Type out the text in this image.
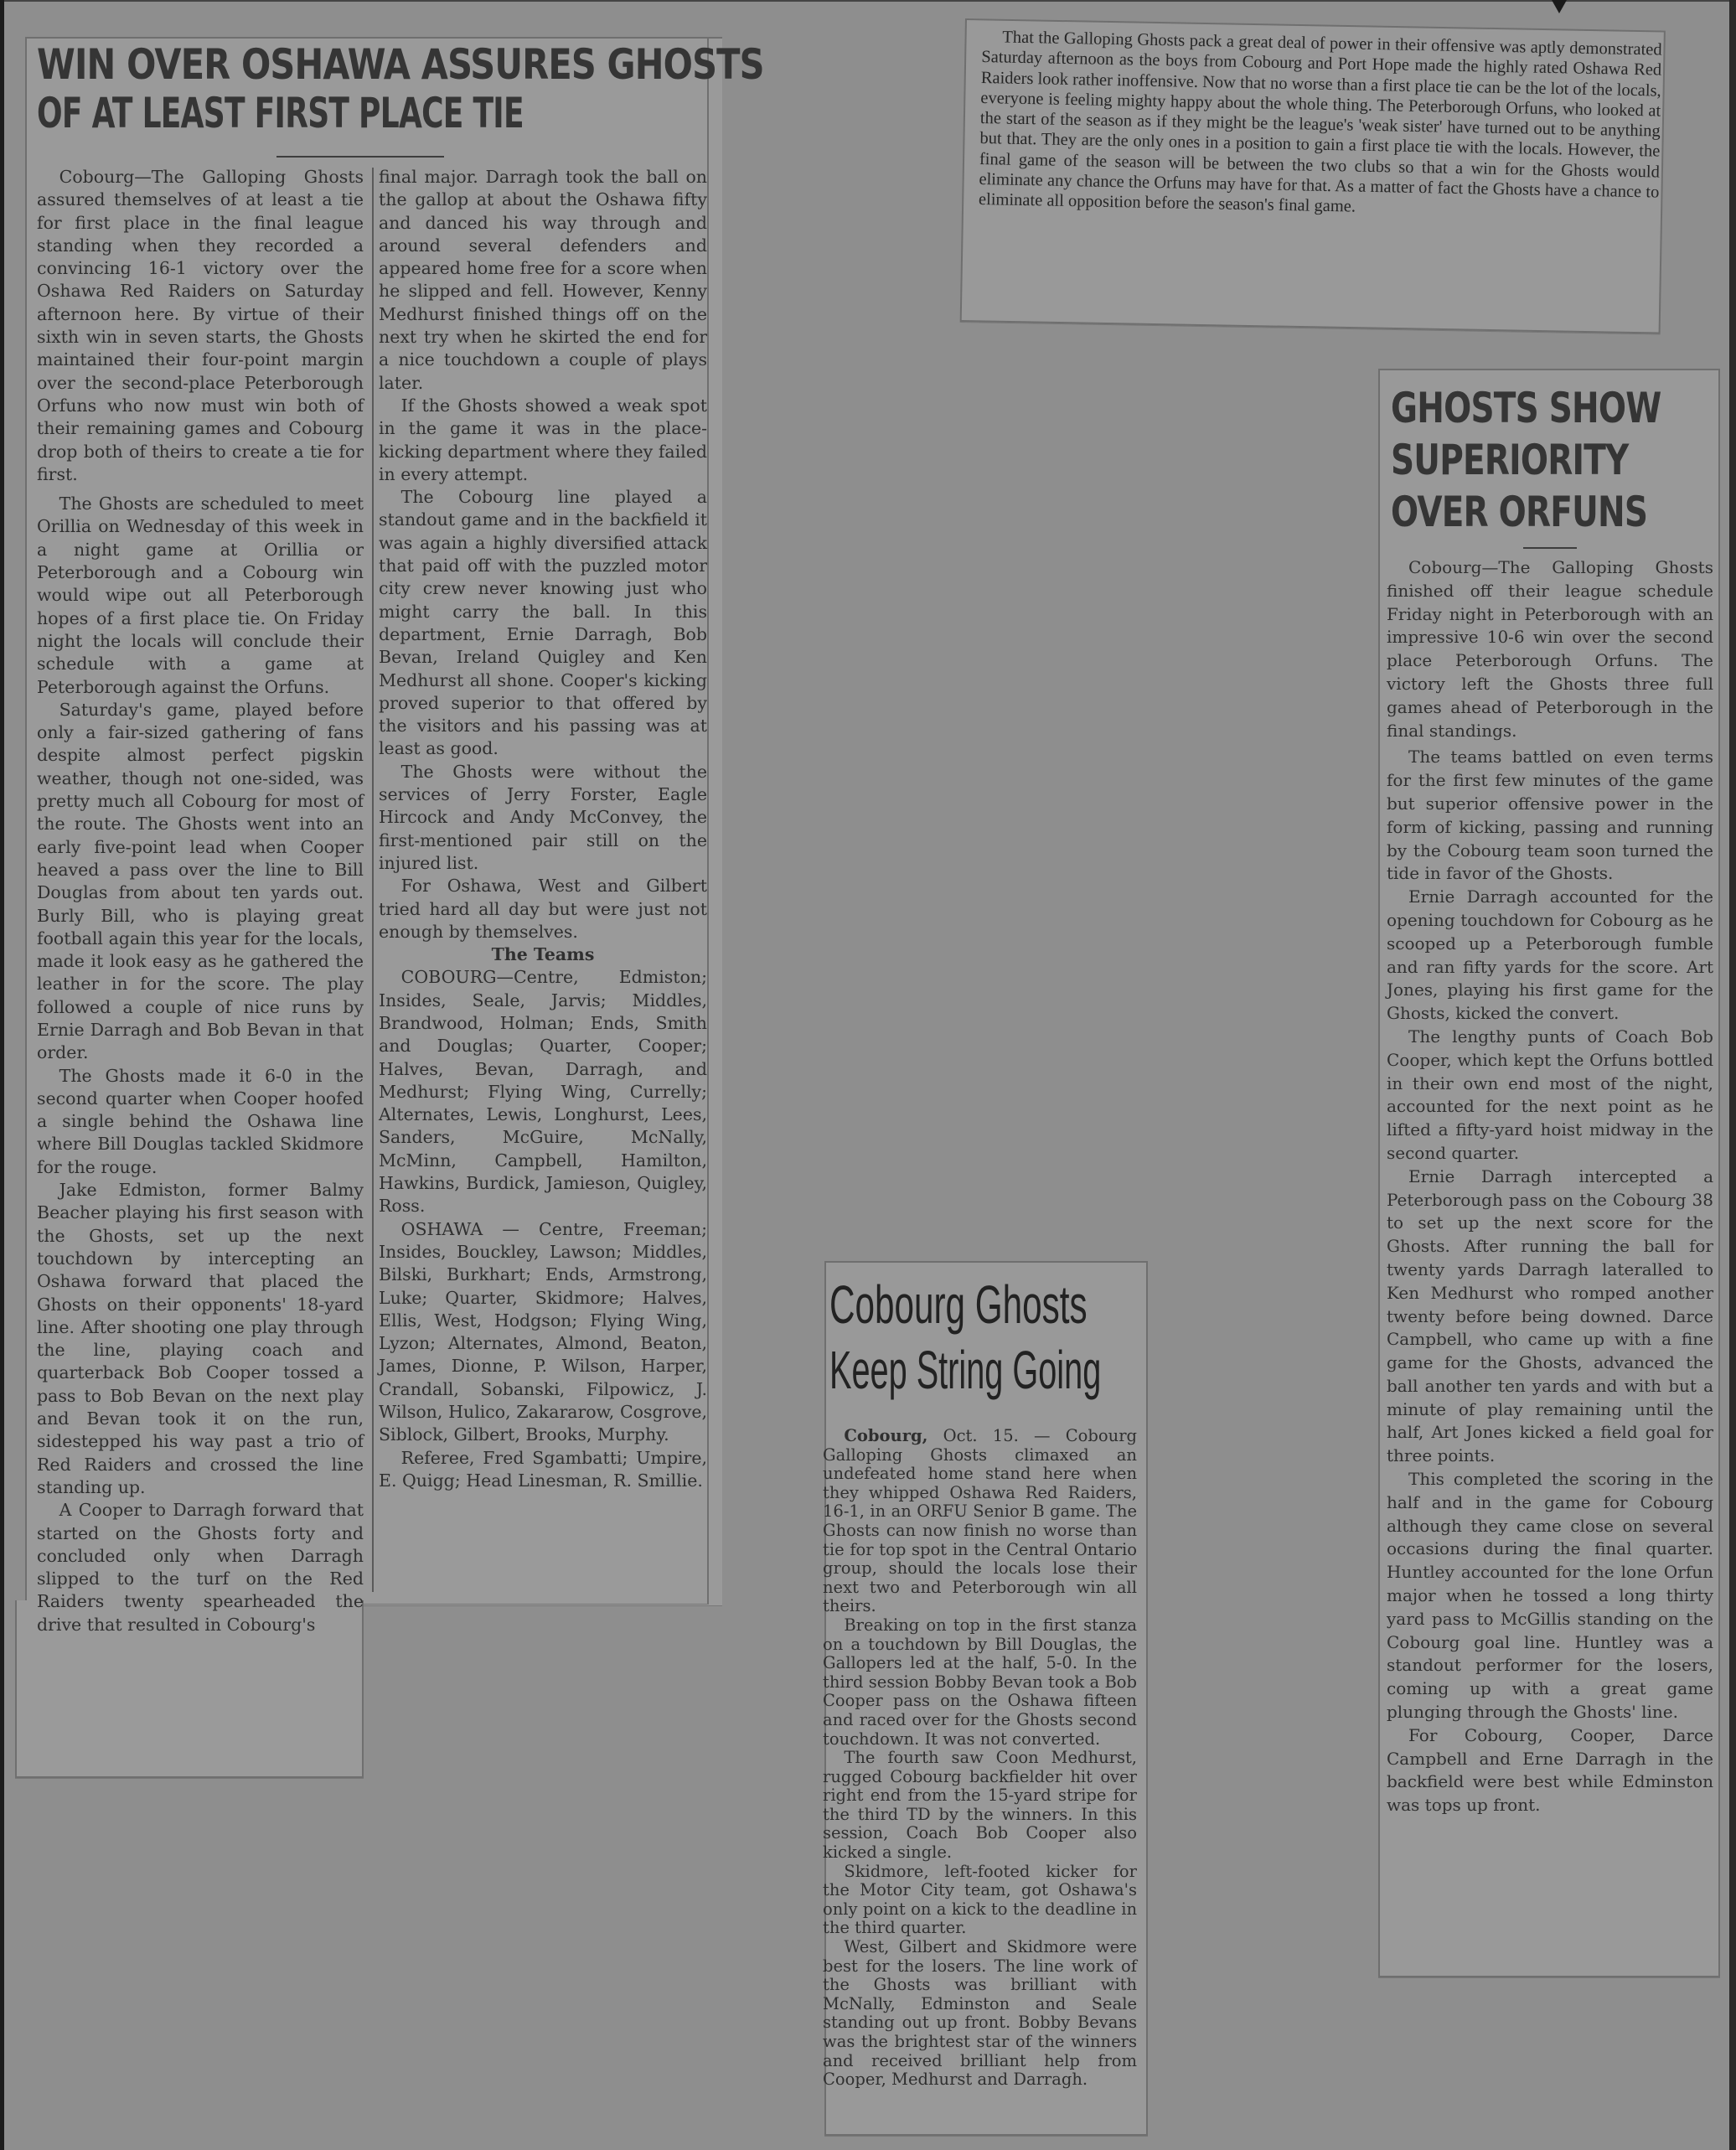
WIN OVER OSHAWA ASSURES GHOSTS
OF AT LEAST FIRST PLACE TIE

Cobourg—The Galloping Ghosts assured themselves of at least a tie for first place in the final league standing when they recorded a convincing 16-1 victory over the Oshawa Red Raiders on Saturday afternoon here. By virtue of their sixth win in seven starts, the Ghosts maintained their four-point margin over the second-place Peterborough Orfuns who now must win both of their remaining games and Cobourg drop both of theirs to create a tie for first.

The Ghosts are scheduled to meet Orillia on Wednesday of this week in a night game at Orillia or Peterborough and a Cobourg win would wipe out all Peterborough hopes of a first place tie. On Friday night the locals will conclude their schedule with a game at Peterborough against the Orfuns.

Saturday's game, played before only a fair-sized gathering of fans despite almost perfect pigskin weather, though not one-sided, was pretty much all Cobourg for most of the route. The Ghosts went into an early five-point lead when Cooper heaved a pass over the line to Bill Douglas from about ten yards out. Burly Bill, who is playing great football again this year for the locals, made it look easy as he gathered the leather in for the score. The play followed a couple of nice runs by Ernie Darragh and Bob Bevan in that order.

The Ghosts made it 6-0 in the second quarter when Cooper hoofed a single behind the Oshawa line where Bill Douglas tackled Skidmore for the rouge.

Jake Edmiston, former Balmy Beacher playing his first season with the Ghosts, set up the next touchdown by intercepting an Oshawa forward that placed the Ghosts on their opponents' 18-yard line. After shooting one play through the line, playing coach and quarterback Bob Cooper tossed a pass to Bob Bevan on the next play and Bevan took it on the run, sidestepped his way past a trio of Red Raiders and crossed the line standing up.

A Cooper to Darragh forward that started on the Ghosts forty and concluded only when Darragh slipped to the turf on the Red Raiders twenty spearheaded the drive that resulted in Cobourg's

final major. Darragh took the ball on the gallop at about the Oshawa fifty and danced his way through and around several defenders and appeared home free for a score when he slipped and fell. However, Kenny Medhurst finished things off on the next try when he skirted the end for a nice touchdown a couple of plays later.

If the Ghosts showed a weak spot in the game it was in the place-kicking department where they failed in every attempt.

The Cobourg line played a standout game and in the backfield it was again a highly diversified attack that paid off with the puzzled motor city crew never knowing just who might carry the ball. In this department, Ernie Darragh, Bob Bevan, Ireland Quigley and Ken Medhurst all shone. Cooper's kicking proved superior to that offered by the visitors and his passing was at least as good.

The Ghosts were without the services of Jerry Forster, Eagle Hircock and Andy McConvey, the first-mentioned pair still on the injured list.

For Oshawa, West and Gilbert tried hard all day but were just not enough by themselves.

The Teams

COBOURG—Centre, Edmiston; Insides, Seale, Jarvis; Middles, Brandwood, Holman; Ends, Smith and Douglas; Quarter, Cooper; Halves, Bevan, Darragh, and Medhurst; Flying Wing, Currelly; Alternates, Lewis, Longhurst, Lees, Sanders, McGuire, McNally, McMinn, Campbell, Hamilton, Hawkins, Burdick, Jamieson, Quigley, Ross.

OSHAWA — Centre, Freeman; Insides, Bouckley, Lawson; Middles, Bilski, Burkhart; Ends, Armstrong, Luke; Quarter, Skidmore; Halves, Ellis, West, Hodgson; Flying Wing, Lyzon; Alternates, Almond, Beaton, James, Dionne, P. Wilson, Harper, Crandall, Sobanski, Filpowicz, J. Wilson, Hulico, Zakararow, Cosgrove, Siblock, Gilbert, Brooks, Murphy.

Referee, Fred Sgambatti; Umpire, E. Quigg; Head Linesman, R. Smillie.

That the Galloping Ghosts pack a great deal of power in their offensive was aptly demonstrated Saturday afternoon as the boys from Cobourg and Port Hope made the highly rated Oshawa Red Raiders look rather inoffensive. Now that no worse than a first place tie can be the lot of the locals, everyone is feeling mighty happy about the whole thing. The Peterborough Orfuns, who looked at the start of the season as if they might be the league's 'weak sister' have turned out to be anything but that. They are the only ones in a position to gain a first place tie with the locals. However, the final game of the season will be between the two clubs so that a win for the Ghosts would eliminate any chance the Orfuns may have for that. As a matter of fact the Ghosts have a chance to eliminate all opposition before the season's final game.

Cobourg Ghosts
Keep String Going

Cobourg, Oct. 15. — Cobourg Galloping Ghosts climaxed an undefeated home stand here when they whipped Oshawa Red Raiders, 16-1, in an ORFU Senior B game. The Ghosts can now finish no worse than tie for top spot in the Central Ontario group, should the locals lose their next two and Peterborough win all theirs.

Breaking on top in the first stanza on a touchdown by Bill Douglas, the Gallopers led at the half, 5-0. In the third session Bobby Bevan took a Bob Cooper pass on the Oshawa fifteen and raced over for the Ghosts second touchdown. It was not converted.

The fourth saw Coon Medhurst, rugged Cobourg backfielder hit over right end from the 15-yard stripe for the third TD by the winners. In this session, Coach Bob Cooper also kicked a single.

Skidmore, left-footed kicker for the Motor City team, got Oshawa's only point on a kick to the deadline in the third quarter.

West, Gilbert and Skidmore were best for the losers. The line work of the Ghosts was brilliant with McNally, Edminston and Seale standing out up front. Bobby Bevans was the brightest star of the winners and received brilliant help from Cooper, Medhurst and Darragh.

GHOSTS SHOW
SUPERIORITY
OVER ORFUNS

Cobourg—The Galloping Ghosts finished off their league schedule Friday night in Peterborough with an impressive 10-6 win over the second place Peterborough Orfuns. The victory left the Ghosts three full games ahead of Peterborough in the final standings.

The teams battled on even terms for the first few minutes of the game but superior offensive power in the form of kicking, passing and running by the Cobourg team soon turned the tide in favor of the Ghosts.

Ernie Darragh accounted for the opening touchdown for Cobourg as he scooped up a Peterborough fumble and ran fifty yards for the score. Art Jones, playing his first game for the Ghosts, kicked the convert.

The lengthy punts of Coach Bob Cooper, which kept the Orfuns bottled in their own end most of the night, accounted for the next point as he lifted a fifty-yard hoist midway in the second quarter.

Ernie Darragh intercepted a Peterborough pass on the Cobourg 38 to set up the next score for the Ghosts. After running the ball for twenty yards Darragh lateralled to Ken Medhurst who romped another twenty before being downed. Darce Campbell, who came up with a fine game for the Ghosts, advanced the ball another ten yards and with but a minute of play remaining until the half, Art Jones kicked a field goal for three points.

This completed the scoring in the half and in the game for Cobourg although they came close on several occasions during the final quarter. Huntley accounted for the lone Orfun major when he tossed a long thirty yard pass to McGillis standing on the Cobourg goal line. Huntley was a standout performer for the losers, coming up with a great game plunging through the Ghosts' line.

For Cobourg, Cooper, Darce Campbell and Erne Darragh in the backfield were best while Edminston was tops up front.
